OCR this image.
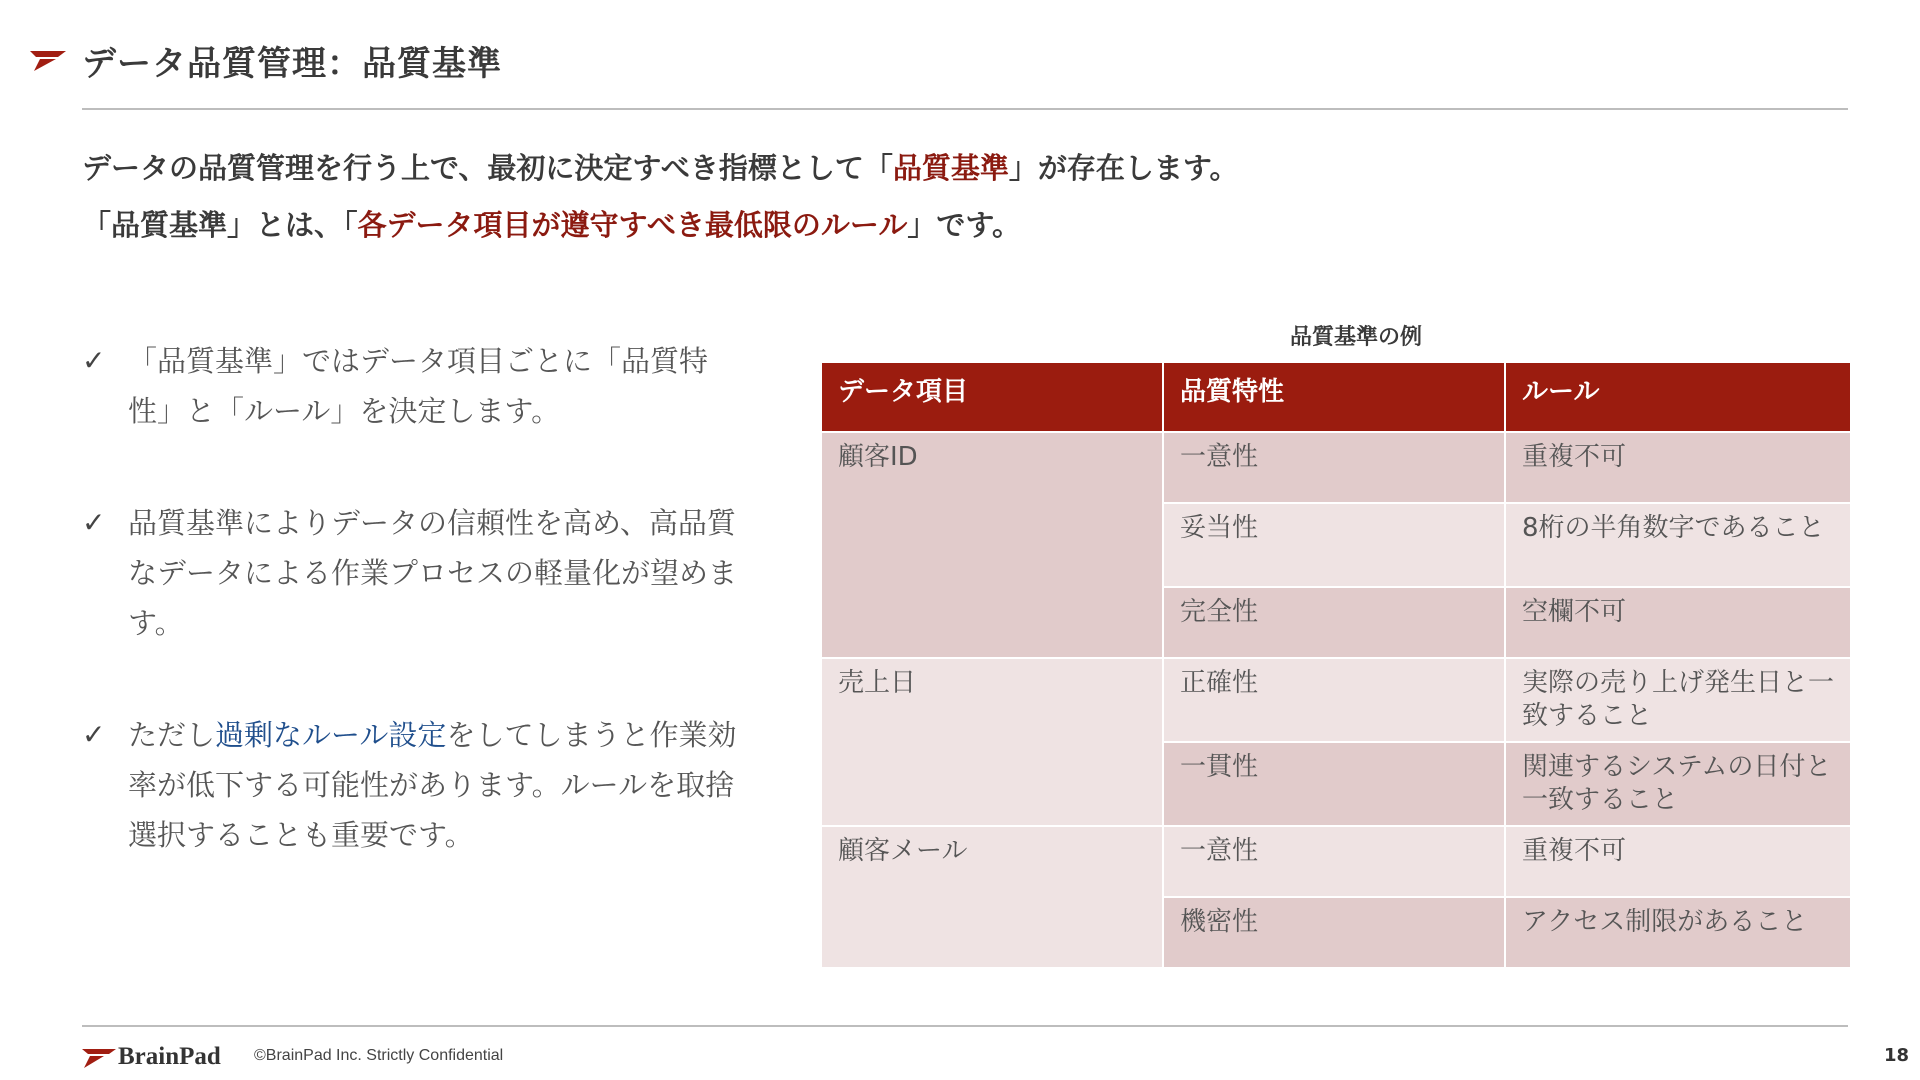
データ品質管理：品質基準
データの品質管理を行う上で、最初に決定すべき指標として「品質基準」が存在します。
「品質基準」とは、「各データ項目が遵守すべき最低限のルール」です。
✓ 「品質基準」ではデータ項目ごとに「品質特性」と「ルール」を決定します。
✓ 品質基準によりデータの信頼性を高め、高品質なデータによる作業プロセスの軽量化が望めます。
✓ ただし過剰なルール設定をしてしまうと作業効率が低下する可能性があります。ルールを取捨選択することも重要です。
品質基準の例
データ項目	品質特性	ルール
顧客ID	一意性	重複不可
	妥当性	8桁の半角数字であること
	完全性	空欄不可
売上日	正確性	実際の売り上げ発生日と一致すること
	一貫性	関連するシステムの日付と一致すること
顧客メール	一意性	重複不可
	機密性	アクセス制限があること
BrainPad ©BrainPad Inc. Strictly Confidential	18
